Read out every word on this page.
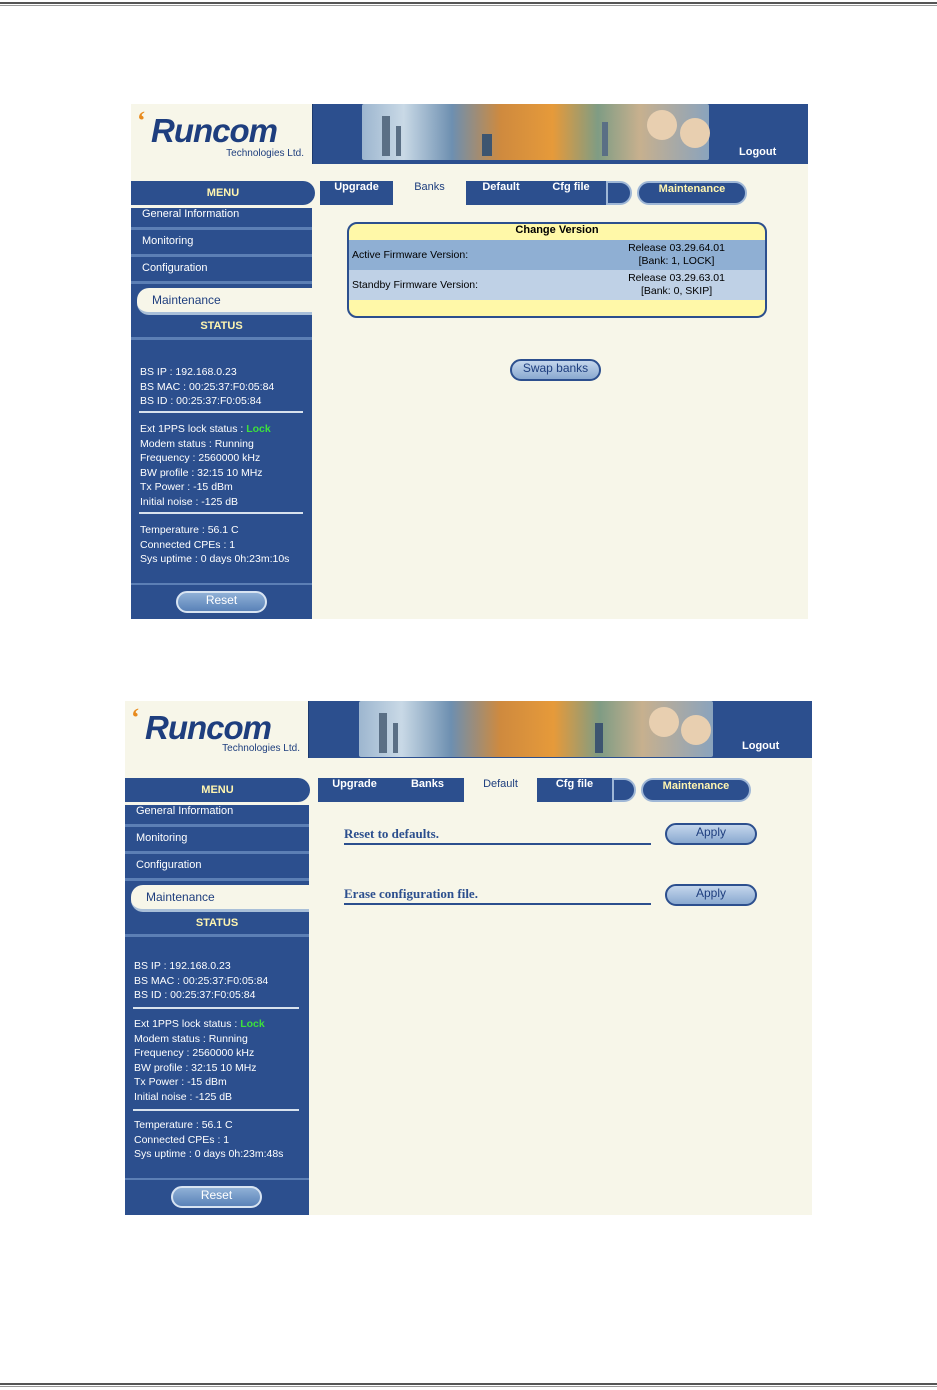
‘ Runcom
Technologies Ltd.	Logout
MENU	Upgrade	Banks	Default	Cfg file	Maintenance
General Information
Monitoring
Configuration
Maintenance
STATUS
BS IP : 192.168.0.23
BS MAC : 00:25:37:F0:05:84
BS ID : 00:25:37:F0:05:84
Ext 1PPS lock status : Lock
Modem status : Running
Frequency : 2560000 kHz
BW profile : 32:15 10 MHz
Tx Power : -15 dBm
Initial noise : -125 dB
Temperature : 56.1 C
Connected CPEs : 1
Sys uptime : 0 days 0h:23m:10s
Reset
Change Version
Active Firmware Version:
Release 03.29.64.01
[Bank: 1, LOCK]
Standby Firmware Version:
Release 03.29.63.01
[Bank: 0, SKIP]
Swap banks
‘ Runcom
Technologies Ltd.	Logout
MENU	Upgrade	Banks	Default	Cfg file	Maintenance
General Information
Monitoring
Configuration
Maintenance
STATUS
BS IP : 192.168.0.23
BS MAC : 00:25:37:F0:05:84
BS ID : 00:25:37:F0:05:84
Ext 1PPS lock status : Lock
Modem status : Running
Frequency : 2560000 kHz
BW profile : 32:15 10 MHz
Tx Power : -15 dBm
Initial noise : -125 dB
Temperature : 56.1 C
Connected CPEs : 1
Sys uptime : 0 days 0h:23m:48s
Reset
Reset to defaults.	Apply
Erase configuration file.	Apply
